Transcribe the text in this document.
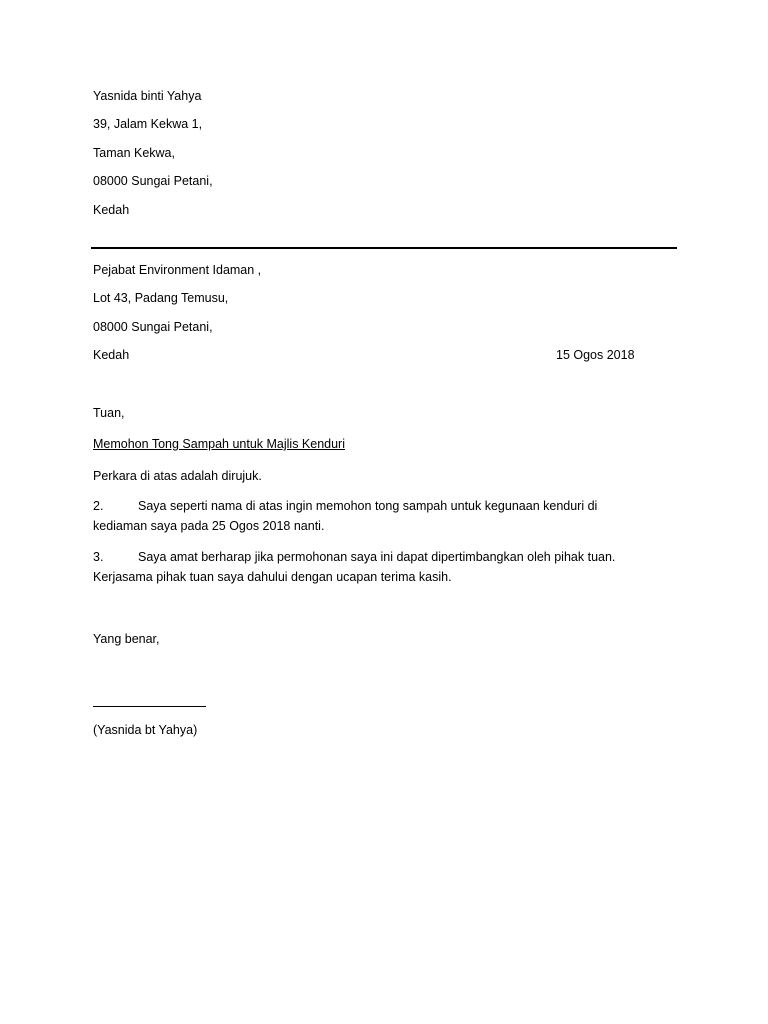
Yasnida binti Yahya
39, Jalam Kekwa 1,
Taman Kekwa,
08000 Sungai Petani,
Kedah
Pejabat Environment Idaman ,
Lot 43, Padang Temusu,
08000 Sungai Petani,
Kedah	15 Ogos 2018
Tuan,
Memohon Tong Sampah untuk Majlis Kenduri
Perkara di atas adalah dirujuk.
2.	Saya seperti nama di atas ingin memohon tong sampah untuk kegunaan kenduri di
kediaman saya pada 25 Ogos 2018 nanti.
3.	Saya amat berharap jika permohonan saya ini dapat dipertimbangkan oleh pihak tuan.
Kerjasama pihak tuan saya dahului dengan ucapan terima kasih.
Yang benar,
(Yasnida bt Yahya)
